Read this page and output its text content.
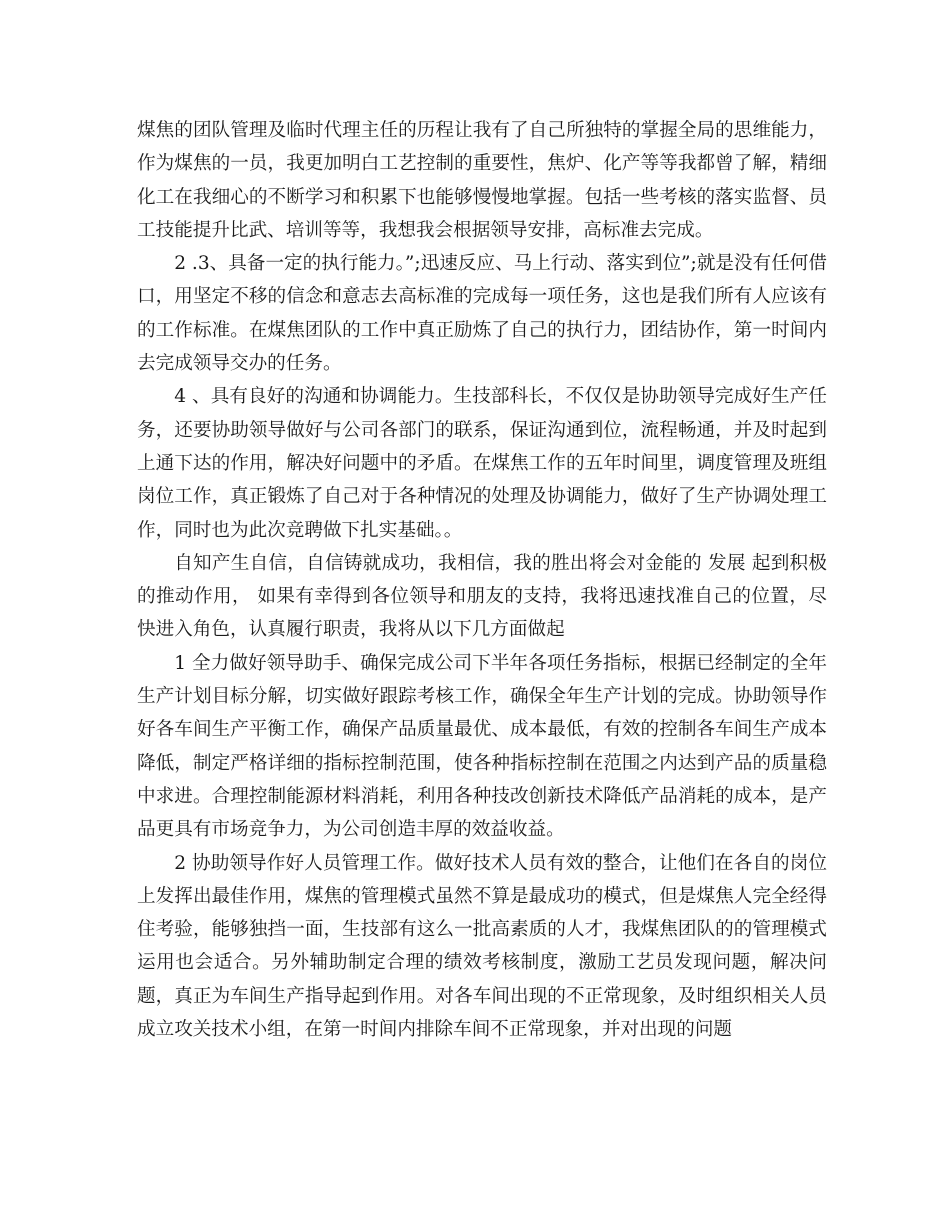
煤焦的团队管理及临时代理主任的历程让我有了自己所独特的掌握全局的思维能力，作为煤焦的一员，我更加明白工艺控制的重要性，焦炉、化产等等我都曾了解，精细化工在我细心的不断学习和积累下也能够慢慢地掌握。包括一些考核的落实监督、员工技能提升比武、培训等等，我想我会根据领导安排，高标准去完成。

2 .3、具备一定的执行能力。”;迅速反应、马上行动、落实到位”;就是没有任何借口，用坚定不移的信念和意志去高标准的完成每一项任务，这也是我们所有人应该有的工作标准。在煤焦团队的工作中真正励炼了自己的执行力，团结协作，第一时间内去完成领导交办的任务。

4 、具有良好的沟通和协调能力。生技部科长，不仅仅是协助领导完成好生产任务，还要协助领导做好与公司各部门的联系，保证沟通到位，流程畅通，并及时起到上通下达的作用，解决好问题中的矛盾。在煤焦工作的五年时间里，调度管理及班组岗位工作，真正锻炼了自己对于各种情况的处理及协调能力，做好了生产协调处理工作，同时也为此次竞聘做下扎实基础。。

自知产生自信，自信铸就成功，我相信，我的胜出将会对金能的 发展 起到积极的推动作用， 如果有幸得到各位领导和朋友的支持，我将迅速找准自己的位置，尽快进入角色，认真履行职责，我将从以下几方面做起

1 全力做好领导助手、确保完成公司下半年各项任务指标，根据已经制定的全年生产计划目标分解，切实做好跟踪考核工作，确保全年生产计划的完成。协助领导作好各车间生产平衡工作，确保产品质量最优、成本最低，有效的控制各车间生产成本降低，制定严格详细的指标控制范围，使各种指标控制在范围之内达到产品的质量稳中求进。合理控制能源材料消耗，利用各种技改创新技术降低产品消耗的成本，是产品更具有市场竞争力，为公司创造丰厚的效益收益。

2 协助领导作好人员管理工作。做好技术人员有效的整合，让他们在各自的岗位上发挥出最佳作用，煤焦的管理模式虽然不算是最成功的模式，但是煤焦人完全经得住考验，能够独挡一面，生技部有这么一批高素质的人才，我煤焦团队的的管理模式运用也会适合。另外辅助制定合理的绩效考核制度，激励工艺员发现问题，解决问题，真正为车间生产指导起到作用。对各车间出现的不正常现象，及时组织相关人员成立攻关技术小组，在第一时间内排除车间不正常现象，并对出现的问题
